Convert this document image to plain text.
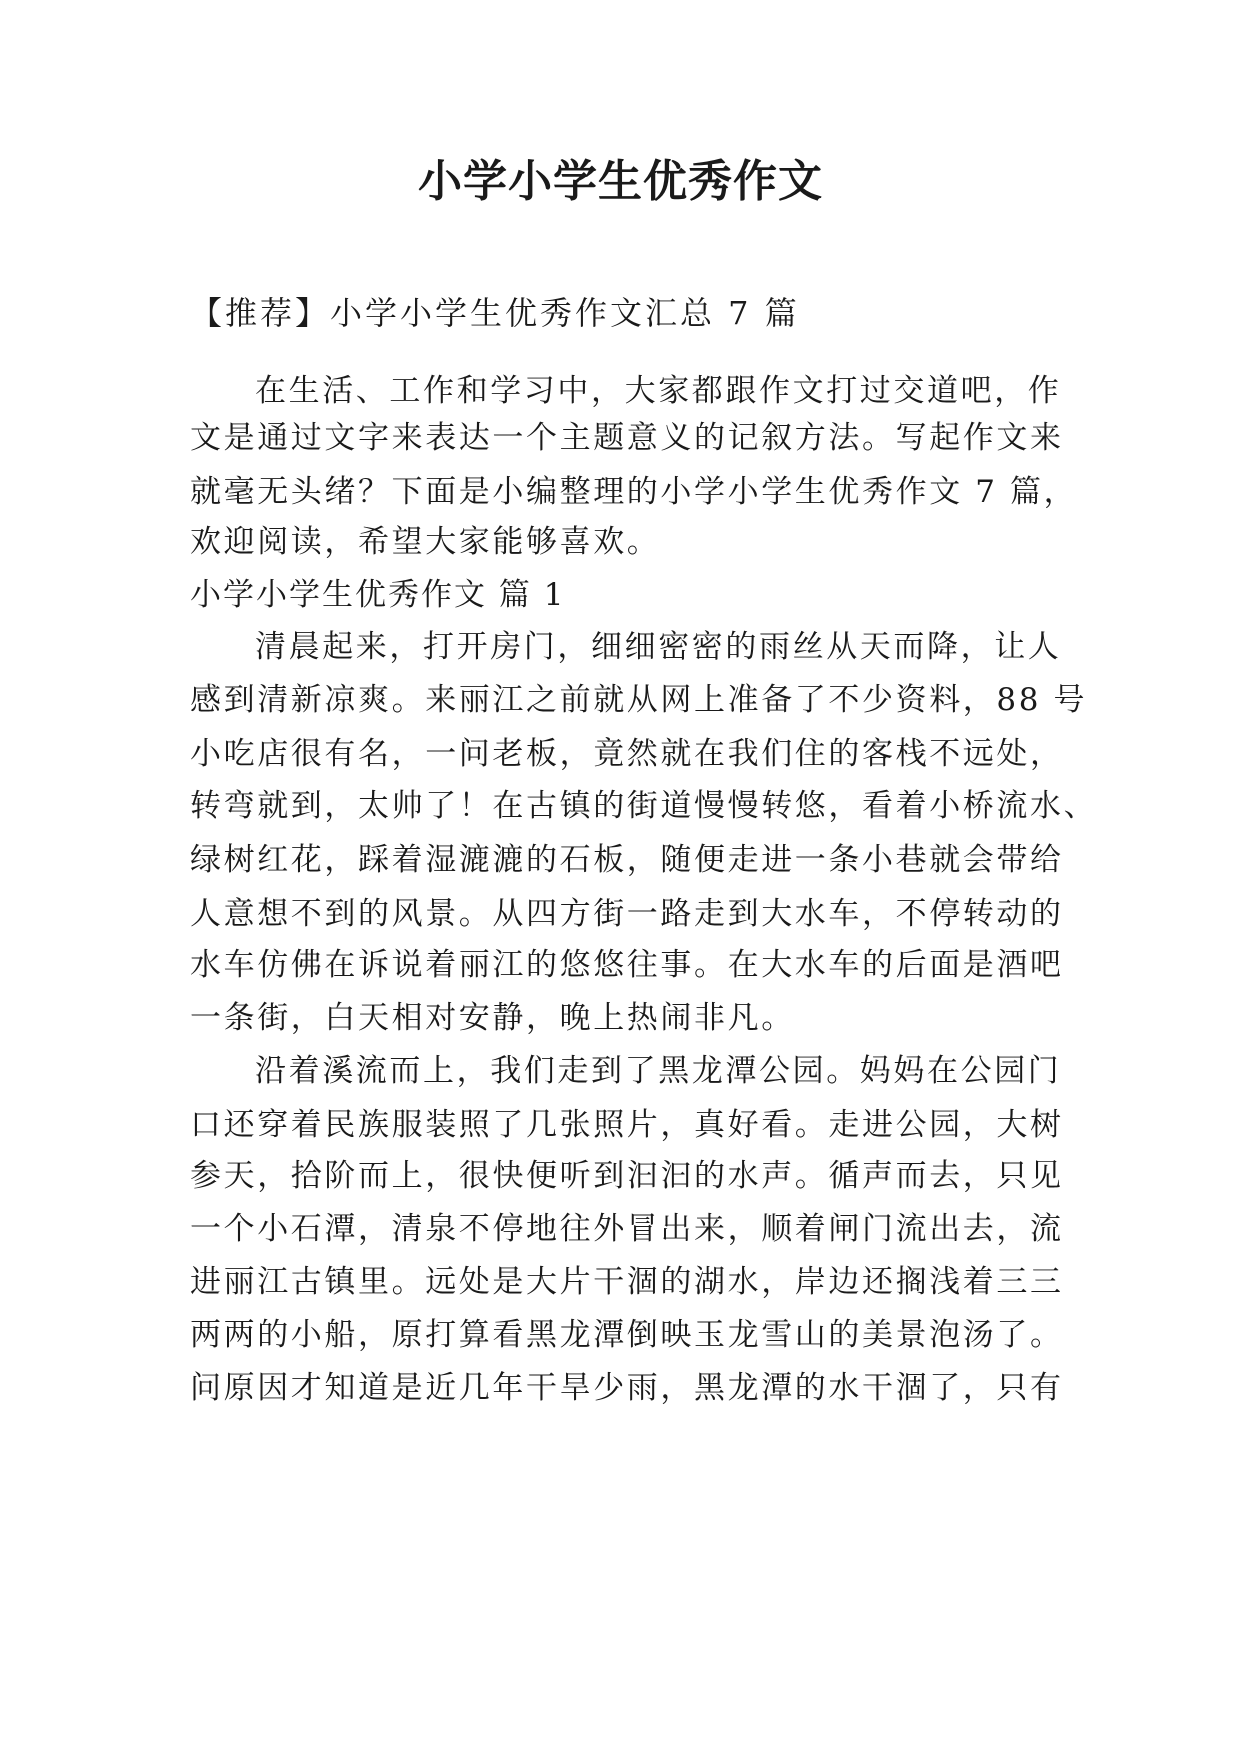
小学小学生优秀作文

【推荐】小学小学生优秀作文汇总 7 篇

在生活、工作和学习中，大家都跟作文打过交道吧，作

文是通过文字来表达一个主题意义的记叙方法。写起作文来

就毫无头绪？下面是小编整理的小学小学生优秀作文 7 篇，

欢迎阅读，希望大家能够喜欢。

小学小学生优秀作文 篇 1

清晨起来，打开房门，细细密密的雨丝从天而降，让人

感到清新凉爽。来丽江之前就从网上准备了不少资料，88 号

小吃店很有名，一问老板，竟然就在我们住的客栈不远处，

转弯就到，太帅了！在古镇的街道慢慢转悠，看着小桥流水、

绿树红花，踩着湿漉漉的石板，随便走进一条小巷就会带给

人意想不到的风景。从四方街一路走到大水车，不停转动的

水车仿佛在诉说着丽江的悠悠往事。在大水车的后面是酒吧

一条街，白天相对安静，晚上热闹非凡。

沿着溪流而上，我们走到了黑龙潭公园。妈妈在公园门

口还穿着民族服装照了几张照片，真好看。走进公园，大树

参天，拾阶而上，很快便听到汩汩的水声。循声而去，只见

一个小石潭，清泉不停地往外冒出来，顺着闸门流出去，流

进丽江古镇里。远处是大片干涸的湖水，岸边还搁浅着三三

两两的小船，原打算看黑龙潭倒映玉龙雪山的美景泡汤了。

问原因才知道是近几年干旱少雨，黑龙潭的水干涸了，只有
